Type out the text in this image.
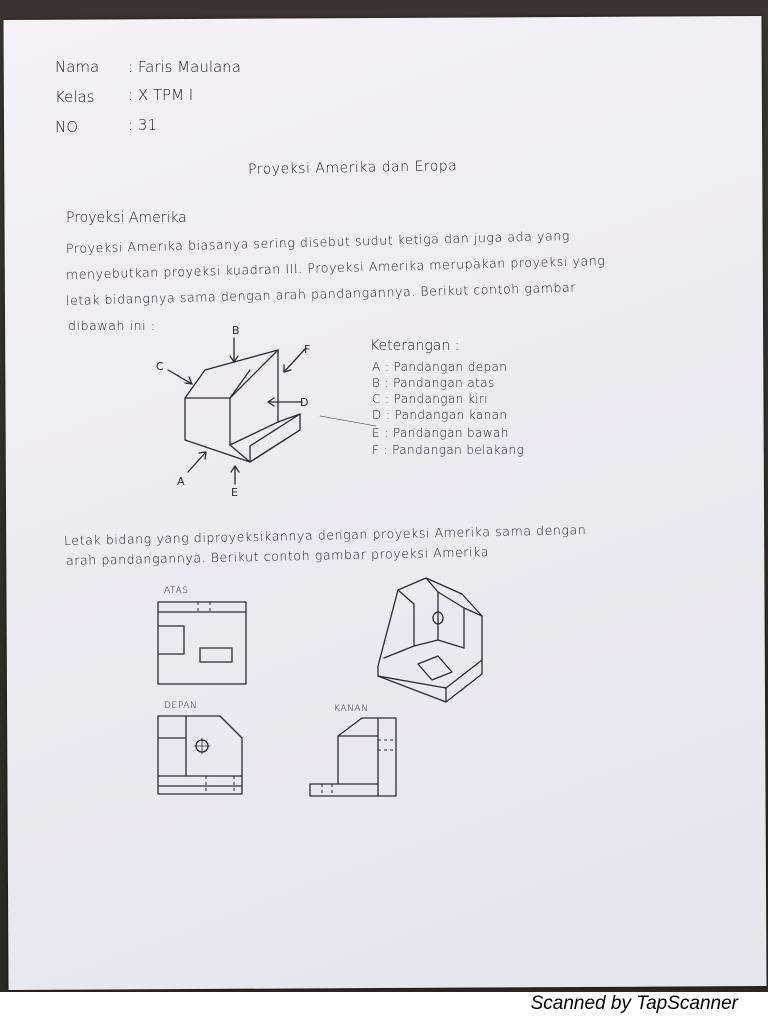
Nama : Faris Maulana
Kelas : X TPM I
NO	: 31
Proyeksi Amerika dan Eropa
Proyeksi Amerika
Proyeksi Amerika biasanya sering disebut sudut ketiga dan juga ada yang
menyebutkan proyeksi kuadran III. Proyeksi Amerika merupakan proyeksi yang
letak bidangnya sama dengan arah pandangannya. Berikut contoh gambar
dibawah ini :	B
C
F
D
A
E
Keterangan :
A : Pandangan depan
B : Pandangan atas
C : Pandangan kiri
D : Pandangan kanan
E : Pandangan bawah
F : Pandangan belakang
Letak bidang yang diproyeksikannya dengan proyeksi Amerika sama dengan
arah pandangannya. Berikut contoh gambar proyeksi Amerika
ATAS
DEPAN	KANAN
Scanned by TapScanner
